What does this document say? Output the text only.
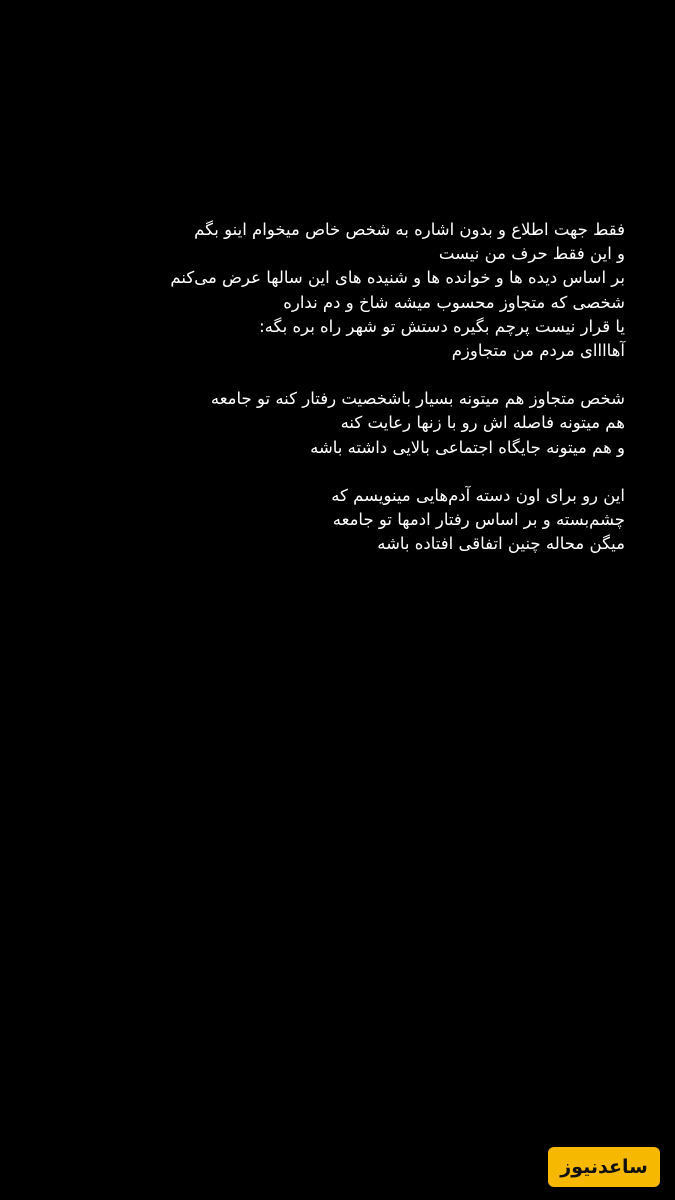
فقط جهت اطلاع و بدون اشاره به شخص خاص میخوام اینو بگم

و این فقط حرف من نیست

بر اساس دیده ها و خوانده ها و شنیده های این سالها عرض می‌کنم

شخصی که متجاوز محسوب میشه شاخ و دم نداره

یا قرار نیست پرچم بگیره دستش تو شهر راه بره بگه:

آهااااى مردم من متجاوزم

شخص متجاوز هم میتونه بسیار باشخصیت رفتار کنه تو جامعه

هم میتونه فاصله اش رو با زنها رعایت کنه

و هم میتونه جایگاه اجتماعی بالایی داشته باشه

این رو برای اون دسته آدم‌هایی مینویسم که

چشم‌بسته و بر اساس رفتار ادمها تو جامعه

میگن محاله چنین اتفاقی افتاده باشه

ساعدنیوز
